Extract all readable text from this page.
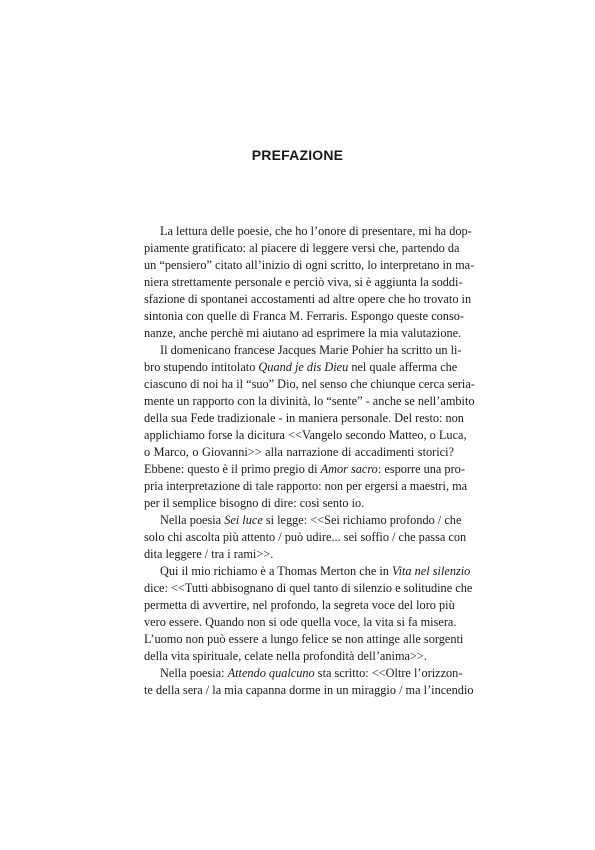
PREFAZIONE

La lettura delle poesie, che ho l’onore di presentare, mi ha dop-
piamente gratificato: al piacere di leggere versi che, partendo da
un “pensiero” citato all’inizio di ogni scritto, lo interpretano in ma-
niera strettamente personale e perciò viva, si è aggiunta la soddi-
sfazione di spontanei accostamenti ad altre opere che ho trovato in
sintonia con quelle di Franca M. Ferraris. Espongo queste conso-
nanze, anche perchè mi aiutano ad esprimere la mia valutazione.

Il domenicano francese Jacques Marie Pohier ha scritto un li-
bro stupendo intitolato Quand je dis Dieu nel quale afferma che
ciascuno di noi ha il “suo” Dio, nel senso che chiunque cerca seria-
mente un rapporto con la divinità, lo “sente” - anche se nell’ambito
della sua Fede tradizionale - in maniera personale. Del resto: non
applichiamo forse la dicitura <<Vangelo secondo Matteo, o Luca,
o Marco, o Giovanni>> alla narrazione di accadimenti storici?
Ebbene: questo è il primo pregio di Amor sacro: esporre una pro-
pria interpretazione di tale rapporto: non per ergersi a maestri, ma
per il semplice bisogno di dire: così sento io.

Nella poesia Sei luce si legge: <<Sei richiamo profondo / che
solo chi ascolta più attento / può udire... sei soffio / che passa con
dita leggere / tra i rami>>.

Qui il mio richiamo è a Thomas Merton che in Vita nel silenzio
dice: <<Tutti abbisognano di quel tanto di silenzio e solitudine che
permetta di avvertire, nel profondo, la segreta voce del loro più
vero essere. Quando non si ode quella voce, la vita si fa misera.
L’uomo non può essere a lungo felice se non attinge alle sorgenti
della vita spirituale, celate nella profondità dell’anima>>.

Nella poesia: Attendo qualcuno sta scritto: <<Oltre l’orizzon-
te della sera / la mia capanna dorme in un miraggio / ma l’incendio
